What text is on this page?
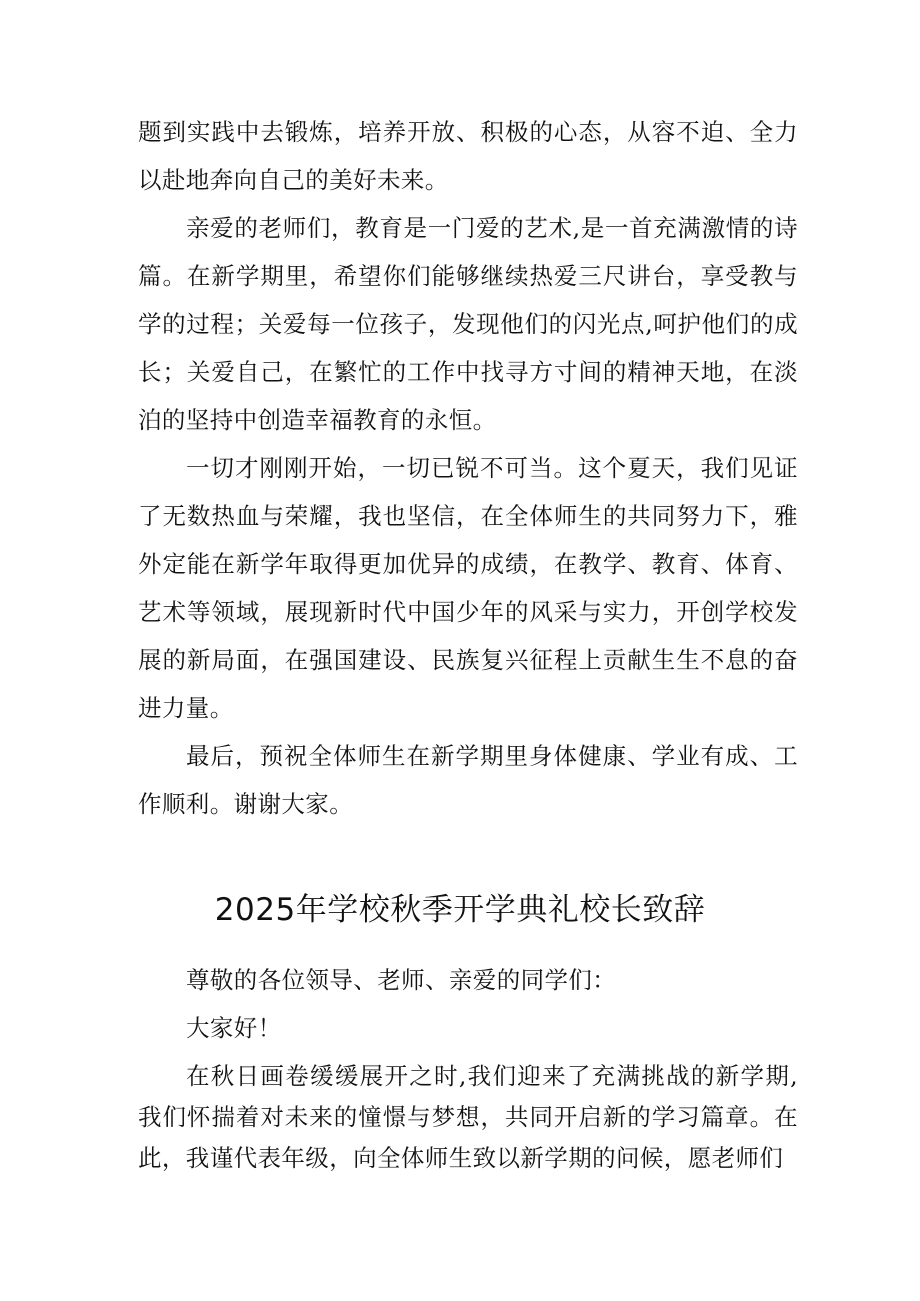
题到实践中去锻炼，培养开放、积极的心态，从容不迫、全力以赴地奔向自己的美好未来。

亲爱的老师们，教育是一门爱的艺术,是一首充满激情的诗篇。在新学期里，希望你们能够继续热爱三尺讲台，享受教与学的过程；关爱每一位孩子，发现他们的闪光点,呵护他们的成长；关爱自己，在繁忙的工作中找寻方寸间的精神天地，在淡泊的坚持中创造幸福教育的永恒。

一切才刚刚开始，一切已锐不可当。这个夏天，我们见证了无数热血与荣耀，我也坚信，在全体师生的共同努力下，雅外定能在新学年取得更加优异的成绩，在教学、教育、体育、艺术等领域，展现新时代中国少年的风采与实力，开创学校发展的新局面，在强国建设、民族复兴征程上贡献生生不息的奋进力量。

最后，预祝全体师生在新学期里身体健康、学业有成、工作顺利。谢谢大家。

2025年学校秋季开学典礼校长致辞

尊敬的各位领导、老师、亲爱的同学们：

大家好！

在秋日画卷缓缓展开之时,我们迎来了充满挑战的新学期,我们怀揣着对未来的憧憬与梦想，共同开启新的学习篇章。在此，我谨代表年级，向全体师生致以新学期的问候，愿老师们
